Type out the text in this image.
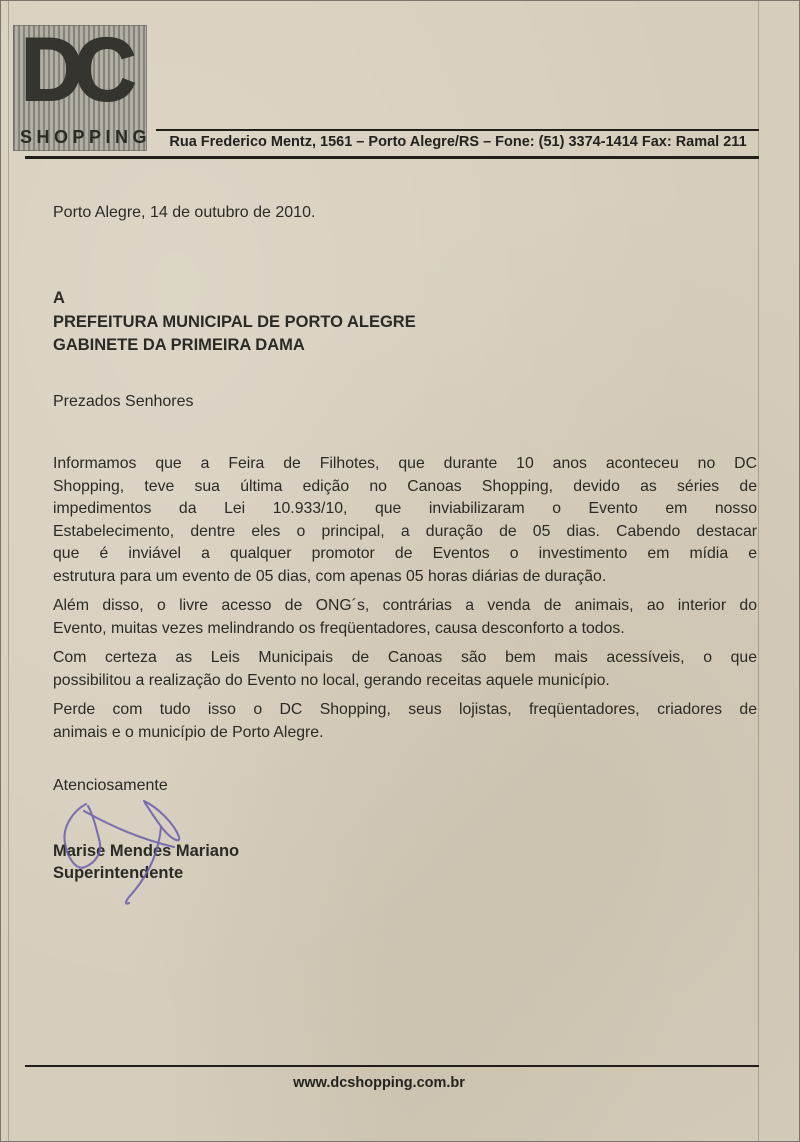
DC
SHOPPING	Rua Frederico Mentz, 1561 – Porto Alegre/RS – Fone: (51) 3374-1414 Fax: Ramal 211
Porto Alegre, 14 de outubro de 2010.
A
PREFEITURA MUNICIPAL DE PORTO ALEGRE
GABINETE DA PRIMEIRA DAMA
Prezados Senhores
Informamos que a Feira de Filhotes, que durante 10 anos aconteceu no DC
Shopping, teve sua última edição no Canoas Shopping, devido as séries de
impedimentos da Lei 10.933/10, que inviabilizaram o Evento em nosso
Estabelecimento, dentre eles o principal, a duração de 05 dias. Cabendo destacar
que é inviável a qualquer promotor de Eventos o investimento em mídia e
estrutura para um evento de 05 dias, com apenas 05 horas diárias de duração.
Além disso, o livre acesso de ONG´s, contrárias a venda de animais, ao interior do
Evento, muitas vezes melindrando os freqüentadores, causa desconforto a todos.
Com certeza as Leis Municipais de Canoas são bem mais acessíveis, o que
possibilitou a realização do Evento no local, gerando receitas aquele município.
Perde com tudo isso o DC Shopping, seus lojistas, freqüentadores, criadores de
animais e o município de Porto Alegre.
Atenciosamente
Marise Mendes Mariano
Superintendente
www.dcshopping.com.br
